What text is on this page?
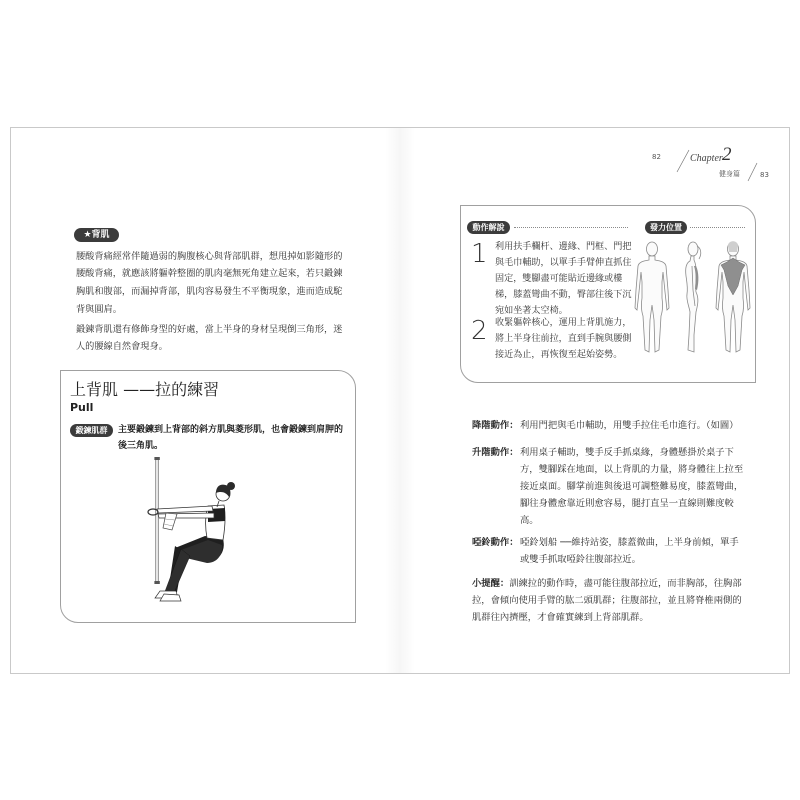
82	Chapter 2
健身篇	83
★背肌
腰酸背痛經常伴隨過弱的胸腹核心與背部肌群，想甩掉如影隨形的
腰酸背痛，就應該將軀幹整圈的肌肉毫無死角建立起來，若只鍛鍊
胸肌和腹部，而漏掉背部，肌肉容易發生不平衡現象，進而造成駝
背與圓肩。
鍛鍊背肌還有修飾身型的好處，當上半身的身材呈現倒三角形，迷
人的腰線自然會現身。
上背肌 ——拉的練習
Pull
鍛鍊肌群	主要鍛鍊到上背部的斜方肌與菱形肌，也會鍛鍊到肩胛的
後三角肌。
動作解說	發力位置
1 利用扶手欄杆、邊緣、門框、門把
與毛巾輔助，以單手手臂伸直抓住
固定，雙腳盡可能貼近邊緣或樓
梯，膝蓋彎曲不動，臀部往後下沉
宛如坐著太空椅。
2 收緊軀幹核心，運用上背肌施力，
將上半身往前拉，直到手腕與腰側
接近為止，再恢復至起始姿勢。
降階動作： 利用門把與毛巾輔助，用雙手拉住毛巾進行。（如圖）
升階動作： 利用桌子輔助，雙手反手抓桌緣，身體懸掛於桌子下
方，雙腳踩在地面，以上背肌的力量，將身體往上拉至
接近桌面。腳掌前進與後退可調整難易度，膝蓋彎曲，
腳往身體愈靠近則愈容易，腿打直呈一直線則難度較
高。
啞鈴動作： 啞鈴划船 ──維持站姿，膝蓋微曲，上半身前傾，單手
或雙手抓取啞鈴往腹部拉近。
小提醒：訓練拉的動作時，盡可能往腹部拉近，而非胸部，往胸部
拉，會傾向使用手臂的肱二頭肌群；往腹部拉，並且將脊椎兩側的
肌群往內擠壓，才會確實練到上背部肌群。
